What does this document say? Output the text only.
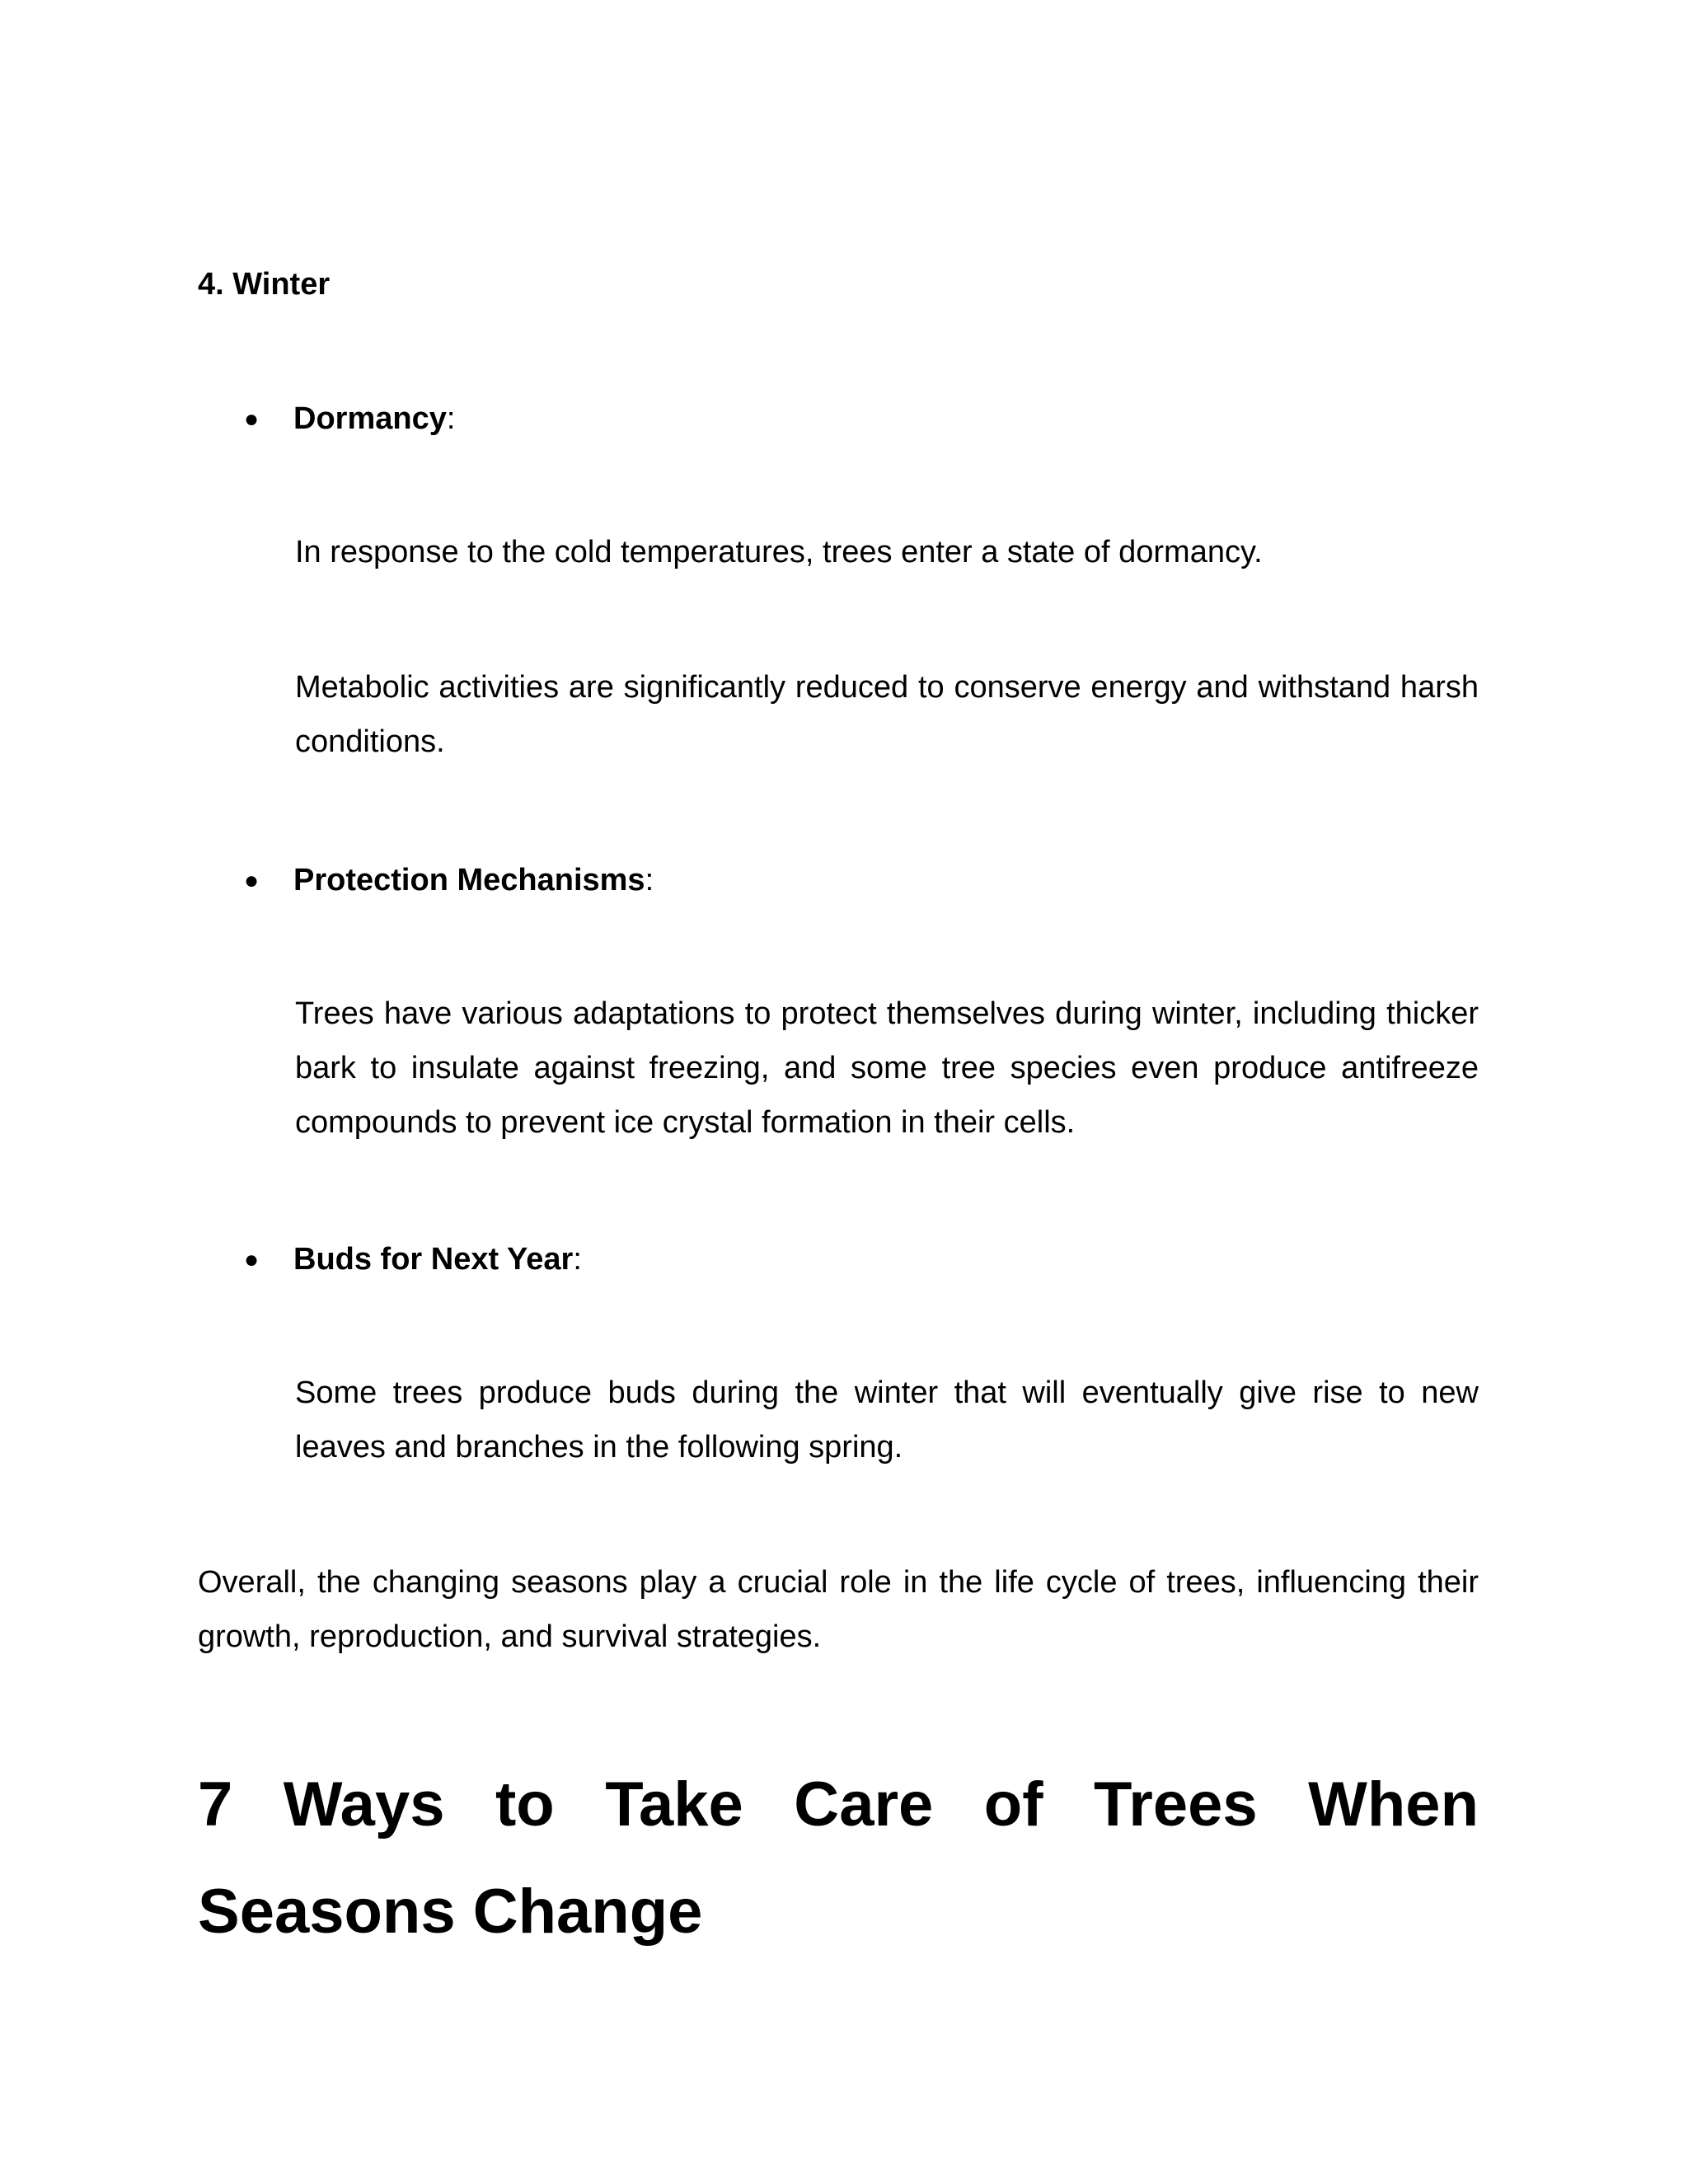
4. Winter

● Dormancy:

In response to the cold temperatures, trees enter a state of dormancy.

Metabolic activities are significantly reduced to conserve energy and withstand harsh conditions.

● Protection Mechanisms:

Trees have various adaptations to protect themselves during winter, including thicker bark to insulate against freezing, and some tree species even produce antifreeze compounds to prevent ice crystal formation in their cells.

● Buds for Next Year:

Some trees produce buds during the winter that will eventually give rise to new leaves and branches in the following spring.

Overall, the changing seasons play a crucial role in the life cycle of trees, influencing their growth, reproduction, and survival strategies.

7 Ways to Take Care of Trees When
Seasons Change
